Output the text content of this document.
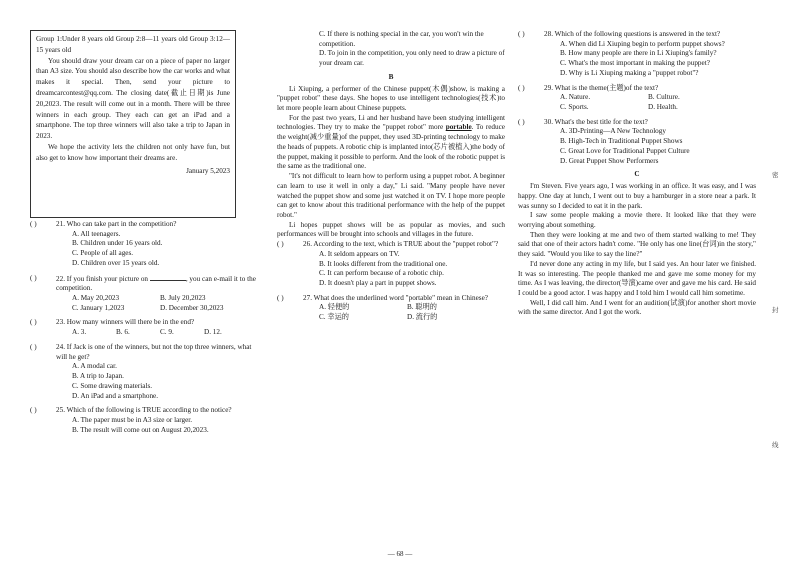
Group 1:Under 8 years old Group 2:8—11 years old Group 3:12—15 years old

You should draw your dream car on a piece of paper no larger than A3 size. You should also describe how the car works and what makes it special. Then, send your picture to dreamcarcontest@qq.com. The closing date(截止日期)is June 20,2023. The result will come out in a month. There will be three winners in each group. They each can get an iPad and a smartphone. The top three winners will also take a trip to Japan in 2023.

We hope the activity lets the children not only have fun, but also get to know how important their dreams are.

January 5,2023

( )	21. Who can take part in the competition?

A. All teenagers.

B. Children under 16 years old.

C. People of all ages.

D. Children over 15 years old.

( )	22. If you finish your picture on	, you can e-mail it to the competition.
A. May 20,2023	B. July 20,2023
C. January 1,2023	D. December 30,2023
( )	23. How many winners will there be in the end?
A. 3.	B. 6.	C. 9.	D. 12.
( )	24. If Jack is one of the winners, but not the top three winners, what will he get?

A. A modal car.

B. A trip to Japan.

C. Some drawing materials.

D. An iPad and a smartphone.

( )	25. Which of the following is TRUE according to the notice?

A. The paper must be in A3 size or larger.

B. The result will come out on August 20,2023.

C. If there is nothing special in the car, you won't win the competition.

D. To join in the competition, you only need to draw a picture of your dream car.

B

Li Xiuping, a performer of the Chinese puppet(木偶)show, is making a "puppet robot" these days. She hopes to use intelligent technologies(技术)to let more people learn about Chinese puppets.

For the past two years, Li and her husband have been studying intelligent technologies. They try to make the "puppet robot" more portable. To reduce the weight(减少重量)of the puppet, they used 3D-printing technology to make the heads of puppets. A robotic chip is implanted into(芯片被植入)the body of the puppet, making it possible to perform. And the look of the robotic puppet is the same as the traditional one.

"It's not difficult to learn how to perform using a puppet robot. A beginner can learn to use it well in only a day," Li said. "Many people have never watched the puppet show and some just watched it on TV. I hope more people can get to know about this traditional performance with the help of the puppet robot."

Li hopes puppet shows will be as popular as movies, and such performances will be brought into schools and villages in the future.

( )	26. According to the text, which is TRUE about the "puppet robot"?

A. It seldom appears on TV.

B. It looks different from the traditional one.

C. It can perform because of a robotic chip.

D. It doesn't play a part in puppet shows.

( )	27. What does the underlined word "portable" mean in Chinese?
A. 轻便的	B. 聪明的
C. 幸运的	D. 流行的
( )	28. Which of the following questions is answered in the text?

A. When did Li Xiuping begin to perform puppet shows?

B. How many people are there in Li Xiuping's family?

C. What's the most important in making the puppet?

D. Why is Li Xiuping making a "puppet robot"?

( )	29. What is the theme(主题)of the text?
A. Nature.	B. Culture.
C. Sports.	D. Health.
( )	30. What's the best title for the text?

A. 3D-Printing—A New Technology

B. High-Tech in Traditional Puppet Shows

C. Great Love for Traditional Puppet Culture

D. Great Puppet Show Performers

C

I'm Steven. Five years ago, I was working in an office. It was easy, and I was happy. One day at lunch, I went out to buy a hamburger in a store near a park. It was sunny so I decided to eat it in the park.

I saw some people making a movie there. It looked like that they were worrying about something.

Then they were looking at me and two of them started walking to me! They said that one of their actors hadn't come. "He only has one line(台词)in the story," they said. "Would you like to say the line?"

I'd never done any acting in my life, but I said yes. An hour later we finished. It was so interesting. The people thanked me and gave me some money for my time. As I was leaving, the director(导演)came over and gave me his card. He said I could be a good actor. I was happy and I told him I would call him sometime.

Well, I did call him. And I went for an audition(试演)for another short movie with the same director. And I got the work.

密
封
线
— 68 —
